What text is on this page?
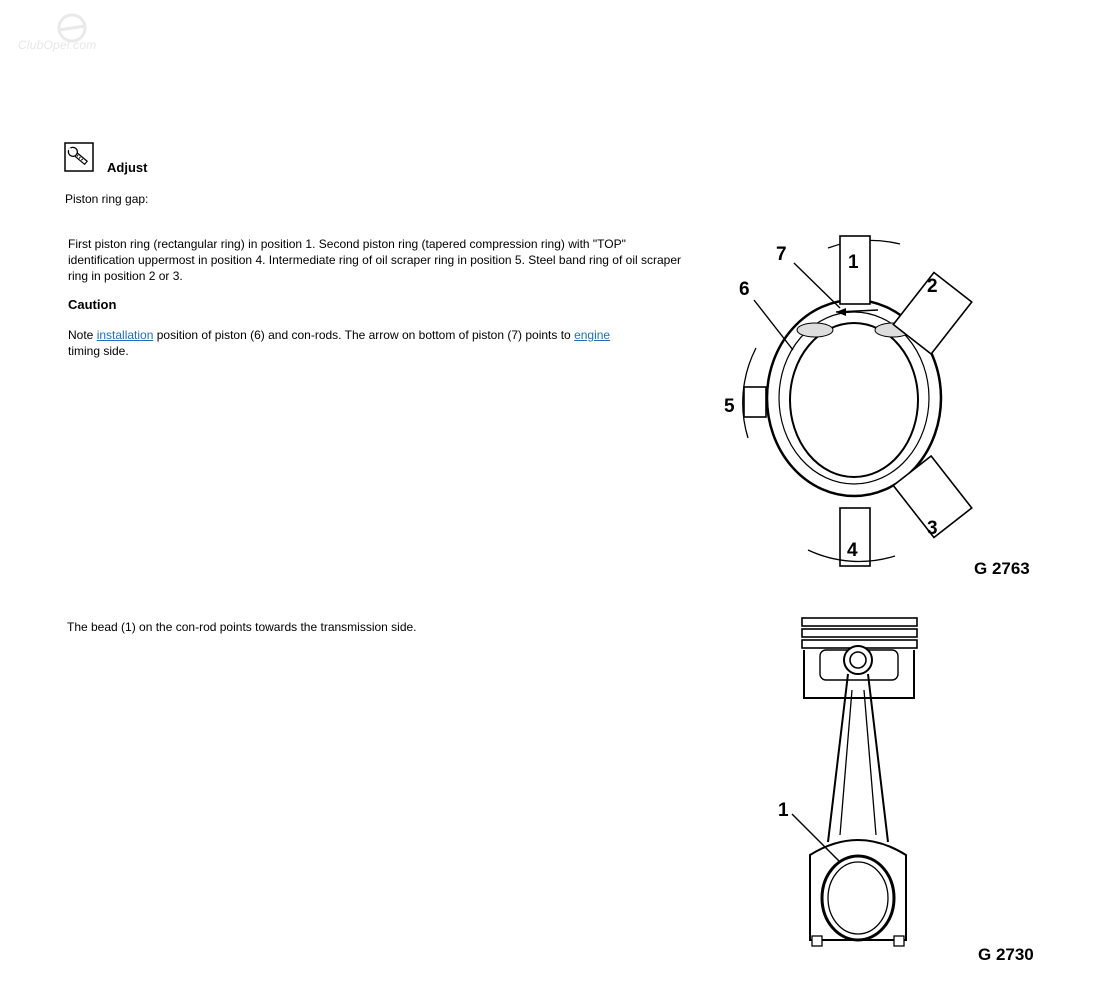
ClubOpel.com
Adjust
Piston ring gap:
First piston ring (rectangular ring) in position 1. Second piston ring (tapered compression ring) with "TOP" identification uppermost in position 4. Intermediate ring of oil scraper ring in position 5. Steel band ring of oil scraper ring in position 2 or 3.
Caution
Note installation position of piston (6) and con-rods. The arrow on bottom of piston (7) points to engine
timing side.
The bead (1) on the con-rod points towards the transmission side.
7
6
1
2
5
3
4
G 2763
1
G 2730
